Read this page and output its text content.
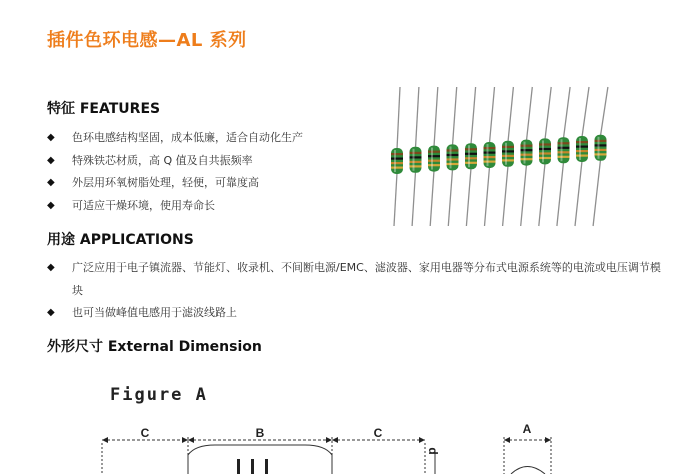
插件色环电感—AL 系列
特征 FEATURES
◆ 色环电感结构坚固，成本低廉，适合自动化生产
◆ 特殊铁芯材质，高 Q 值及自共振频率
◆ 外层用环氧树脂处理，轻便，可靠度高
◆ 可适应干燥环境，使用寿命长
用途 APPLICATIONS
◆ 广泛应用于电子镇流器、节能灯、收录机、不间断电源/EMC、滤波器、家用电器等分布式电源系统等的电流或电压调节模块
◆ 也可当做峰值电感用于滤波线路上
外形尺寸 External Dimension
Figure A
C	B	C
d
A
